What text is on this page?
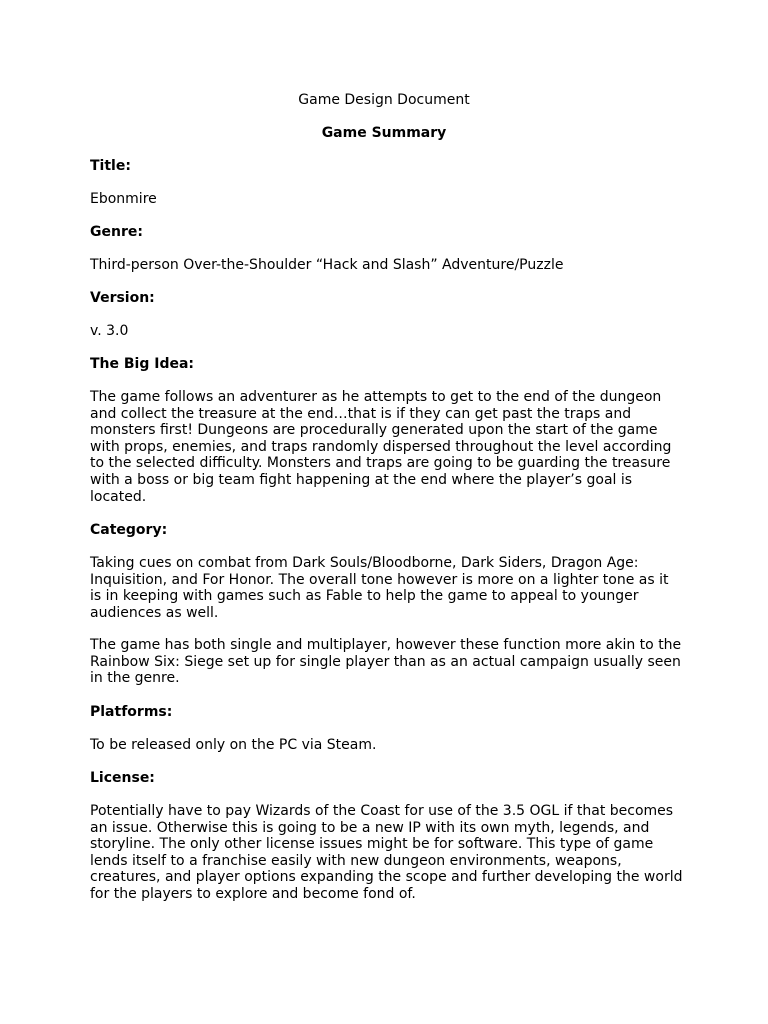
Game Design Document
Game Summary
Title:
Ebonmire
Genre:
Third-person Over-the-Shoulder “Hack and Slash” Adventure/Puzzle
Version:
v. 3.0
The Big Idea:
The game follows an adventurer as he attempts to get to the end of the dungeon
and collect the treasure at the end…that is if they can get past the traps and
monsters first! Dungeons are procedurally generated upon the start of the game
with props, enemies, and traps randomly dispersed throughout the level according
to the selected difficulty. Monsters and traps are going to be guarding the treasure
with a boss or big team fight happening at the end where the player’s goal is
located.
Category:
Taking cues on combat from Dark Souls/Bloodborne, Dark Siders, Dragon Age:
Inquisition, and For Honor. The overall tone however is more on a lighter tone as it
is in keeping with games such as Fable to help the game to appeal to younger
audiences as well.
The game has both single and multiplayer, however these function more akin to the
Rainbow Six: Siege set up for single player than as an actual campaign usually seen
in the genre.
Platforms:
To be released only on the PC via Steam.
License:
Potentially have to pay Wizards of the Coast for use of the 3.5 OGL if that becomes
an issue. Otherwise this is going to be a new IP with its own myth, legends, and
storyline. The only other license issues might be for software. This type of game
lends itself to a franchise easily with new dungeon environments, weapons,
creatures, and player options expanding the scope and further developing the world
for the players to explore and become fond of.
